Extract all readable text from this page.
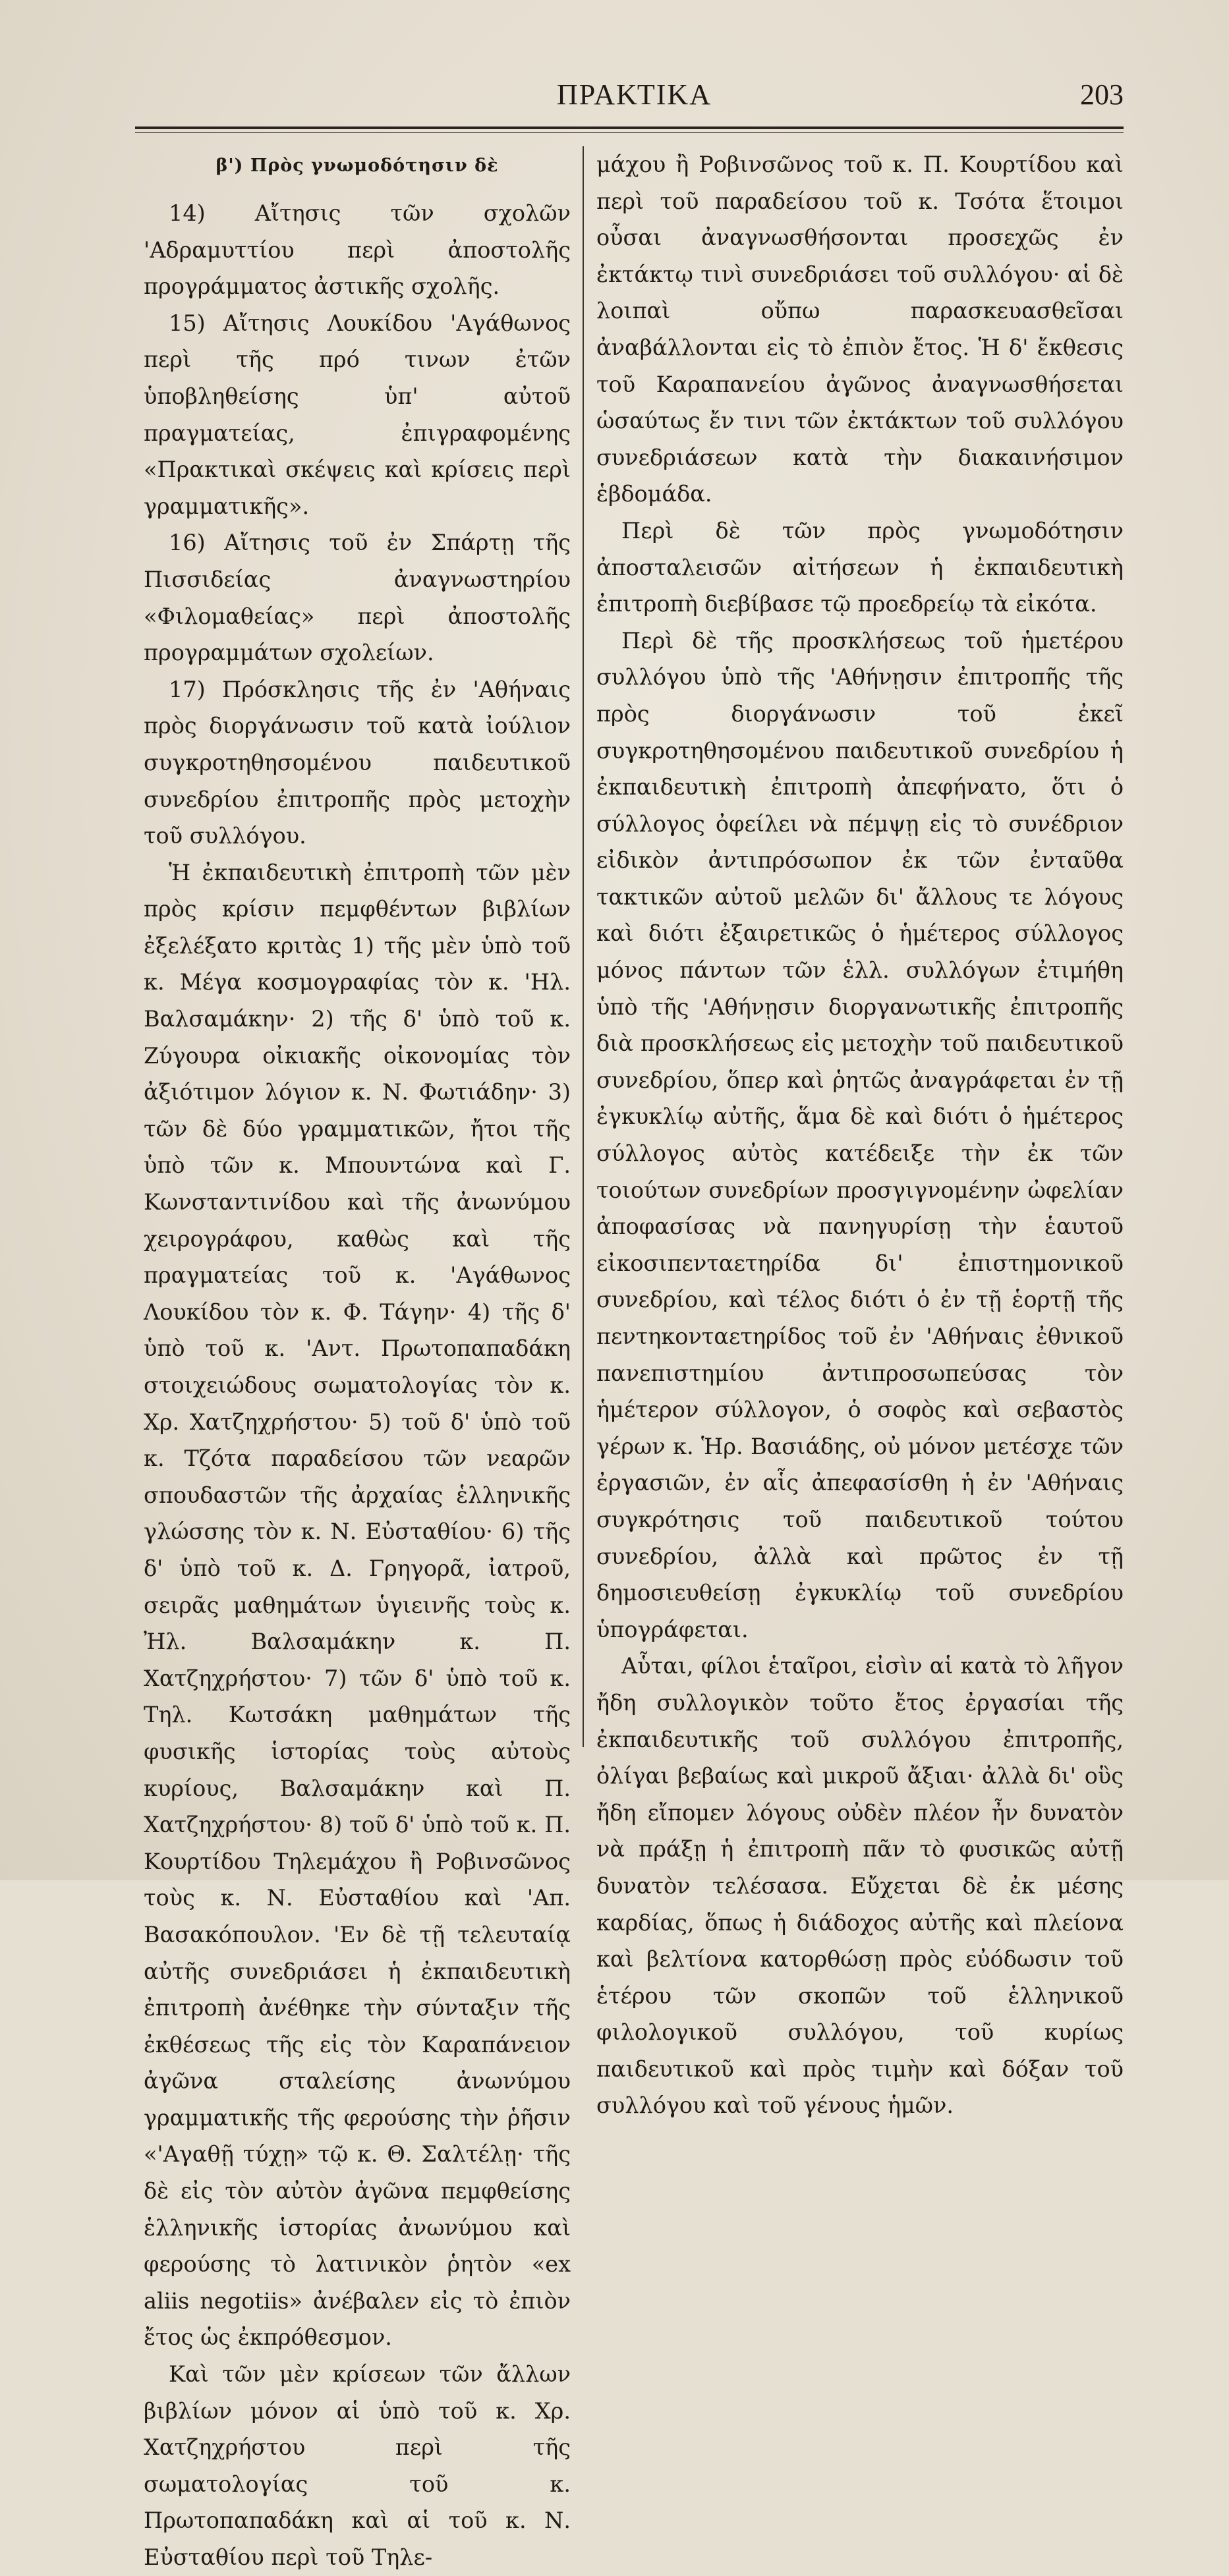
ΠΡΑΚΤΙΚΑ	203
β') Πρὸς γνωμοδότησιν δὲ

14) Αἴτησις τῶν σχολῶν 'Αδραμυττίου περὶ ἀποστολῆς προγράμματος ἀστικῆς σχολῆς.

15) Αἴτησις Λουκίδου 'Αγάθωνος περὶ τῆς πρό τινων ἐτῶν ὑποβληθείσης ὑπ' αὐτοῦ πραγματείας, ἐπιγραφομένης «Πρακτικαὶ σκέψεις καὶ κρίσεις περὶ γραμματικῆς».

16) Αἴτησις τοῦ ἐν Σπάρτῃ τῆς Πισσιδείας ἀναγνωστηρίου «Φιλομαθείας» περὶ ἀποστολῆς προγραμμάτων σχολείων.

17) Πρόσκλησις τῆς ἐν 'Αθήναις πρὸς διοργάνωσιν τοῦ κατὰ ἰούλιον συγκροτηθησομένου παιδευτικοῦ συνεδρίου ἐπιτροπῆς πρὸς μετοχὴν τοῦ συλλόγου.

Ἡ ἐκπαιδευτικὴ ἐπιτροπὴ τῶν μὲν πρὸς κρίσιν πεμφθέντων βιβλίων ἐξελέξατο κριτὰς 1) τῆς μὲν ὑπὸ τοῦ κ. Μέγα κοσμογραφίας τὸν κ. 'Ηλ. Βαλσαμάκην· 2) τῆς δ' ὑπὸ τοῦ κ. Ζύγουρα οἰκιακῆς οἰκονομίας τὸν ἀξιότιμον λόγιον κ. Ν. Φωτιάδην· 3) τῶν δὲ δύο γραμματικῶν, ἤτοι τῆς ὑπὸ τῶν κ. Μπουντώνα καὶ Γ. Κωνσταντινίδου καὶ τῆς ἀνωνύμου χειρογράφου, καθὼς καὶ τῆς πραγματείας τοῦ κ. 'Αγάθωνος Λουκίδου τὸν κ. Φ. Τάγην· 4) τῆς δ' ὑπὸ τοῦ κ. 'Αντ. Πρωτοπαπαδάκη στοιχειώδους σωματολογίας τὸν κ. Χρ. Χατζηχρήστου· 5) τοῦ δ' ὑπὸ τοῦ κ. Τζότα παραδείσου τῶν νεαρῶν σπουδαστῶν τῆς ἀρχαίας ἑλληνικῆς γλώσσης τὸν κ. Ν. Εὐσταθίου· 6) τῆς δ' ὑπὸ τοῦ κ. Δ. Γρηγορᾶ, ἰατροῦ, σειρᾶς μαθημάτων ὑγιεινῆς τοὺς κ. Ἠλ. Βαλσαμάκην κ. Π. Χατζηχρήστου· 7) τῶν δ' ὑπὸ τοῦ κ. Τηλ. Κωτσάκη μαθημάτων τῆς φυσικῆς ἱστορίας τοὺς αὐτοὺς κυρίους, Βαλσαμάκην καὶ Π. Χατζηχρήστου· 8) τοῦ δ' ὑπὸ τοῦ κ. Π. Κουρτίδου Τηλεμάχου ἢ Ροβινσῶνος τοὺς κ. Ν. Εὐσταθίου καὶ 'Απ. Βασακόπουλον. 'Εν δὲ τῇ τελευταίᾳ αὐτῆς συνεδριάσει ἡ ἐκπαιδευτικὴ ἐπιτροπὴ ἀνέθηκε τὴν σύνταξιν τῆς ἐκθέσεως τῆς εἰς τὸν Καραπάνειον ἀγῶνα σταλείσης ἀνωνύμου γραμματικῆς τῆς φερούσης τὴν ῥῆσιν «'Αγαθῇ τύχῃ» τῷ κ. Θ. Σαλτέλῃ· τῆς δὲ εἰς τὸν αὐτὸν ἀγῶνα πεμφθείσης ἑλληνικῆς ἱστορίας ἀνωνύμου καὶ φερούσης τὸ λατινικὸν ῥητὸν «ex aliis negotiis» ἀνέβαλεν εἰς τὸ ἐπιὸν ἔτος ὡς ἐκπρόθεσμον.

Καὶ τῶν μὲν κρίσεων τῶν ἄλλων βιβλίων μόνον αἱ ὑπὸ τοῦ κ. Χρ. Χατζηχρήστου περὶ τῆς σωματολογίας τοῦ κ. Πρωτοπαπαδάκη καὶ αἱ τοῦ κ. Ν. Εὐσταθίου περὶ τοῦ Τηλε-

μάχου ἢ Ροβινσῶνος τοῦ κ. Π. Κουρτίδου καὶ περὶ τοῦ παραδείσου τοῦ κ. Τσότα ἕτοιμοι οὖσαι ἀναγνωσθήσονται προσεχῶς ἐν ἐκτάκτῳ τινὶ συνεδριάσει τοῦ συλλόγου· αἱ δὲ λοιπαὶ οὔπω παρασκευασθεῖσαι ἀναβάλλονται εἰς τὸ ἐπιὸν ἔτος. Ἡ δ' ἔκθεσις τοῦ Καραπανείου ἀγῶνος ἀναγνωσθήσεται ὡσαύτως ἔν τινι τῶν ἐκτάκτων τοῦ συλλόγου συνεδριάσεων κατὰ τὴν διακαινήσιμον ἑβδομάδα.

Περὶ δὲ τῶν πρὸς γνωμοδότησιν ἀποσταλεισῶν αἰτήσεων ἡ ἐκπαιδευτικὴ ἐπιτροπὴ διεβίβασε τῷ προεδρείῳ τὰ εἰκότα.

Περὶ δὲ τῆς προσκλήσεως τοῦ ἡμετέρου συλλόγου ὑπὸ τῆς 'Αθήνῃσιν ἐπιτροπῆς τῆς πρὸς διοργάνωσιν τοῦ ἐκεῖ συγκροτηθησομένου παιδευτικοῦ συνεδρίου ἡ ἐκπαιδευτικὴ ἐπιτροπὴ ἀπεφήνατο, ὅτι ὁ σύλλογος ὀφείλει νὰ πέμψῃ εἰς τὸ συνέδριον εἰδικὸν ἀντιπρόσωπον ἐκ τῶν ἐνταῦθα τακτικῶν αὐτοῦ μελῶν δι' ἄλλους τε λόγους καὶ διότι ἐξαιρετικῶς ὁ ἡμέτερος σύλλογος μόνος πάντων τῶν ἑλλ. συλλόγων ἐτιμήθη ὑπὸ τῆς 'Αθήνῃσιν διοργανωτικῆς ἐπιτροπῆς διὰ προσκλήσεως εἰς μετοχὴν τοῦ παιδευτικοῦ συνεδρίου, ὅπερ καὶ ῥητῶς ἀναγράφεται ἐν τῇ ἐγκυκλίῳ αὐτῆς, ἅμα δὲ καὶ διότι ὁ ἡμέτερος σύλλογος αὐτὸς κατέδειξε τὴν ἐκ τῶν τοιούτων συνεδρίων προσγιγνομένην ὠφελίαν ἀποφασίσας νὰ πανηγυρίσῃ τὴν ἑαυτοῦ εἰκοσιπενταετηρίδα δι' ἐπιστημονικοῦ συνεδρίου, καὶ τέλος διότι ὁ ἐν τῇ ἑορτῇ τῆς πεντηκονταετηρίδος τοῦ ἐν 'Αθήναις ἐθνικοῦ πανεπιστημίου ἀντιπροσωπεύσας τὸν ἡμέτερον σύλλογον, ὁ σοφὸς καὶ σεβαστὸς γέρων κ. Ἡρ. Βασιάδης, οὐ μόνον μετέσχε τῶν ἐργασιῶν, ἐν αἷς ἀπεφασίσθη ἡ ἐν 'Αθήναις συγκρότησις τοῦ παιδευτικοῦ τούτου συνεδρίου, ἀλλὰ καὶ πρῶτος ἐν τῇ δημοσιευθείσῃ ἐγκυκλίῳ τοῦ συνεδρίου ὑπογράφεται.

Αὗται, φίλοι ἑταῖροι, εἰσὶν αἱ κατὰ τὸ λῆγον ἤδη συλλογικὸν τοῦτο ἔτος ἐργασίαι τῆς ἐκπαιδευτικῆς τοῦ συλλόγου ἐπιτροπῆς, ὀλίγαι βεβαίως καὶ μικροῦ ἄξιαι· ἀλλὰ δι' οὓς ἤδη εἴπομεν λόγους οὐδὲν πλέον ἦν δυνατὸν νὰ πράξῃ ἡ ἐπιτροπὴ πᾶν τὸ φυσικῶς αὐτῇ δυνατὸν τελέσασα. Εὔχεται δὲ ἐκ μέσης καρδίας, ὅπως ἡ διάδοχος αὐτῆς καὶ πλείονα καὶ βελτίονα κατορθώσῃ πρὸς εὐόδωσιν τοῦ ἑτέρου τῶν σκοπῶν τοῦ ἑλληνικοῦ φιλολογικοῦ συλλόγου, τοῦ κυρίως παιδευτικοῦ καὶ πρὸς τιμὴν καὶ δόξαν τοῦ συλλόγου καὶ τοῦ γένους ἡμῶν.
